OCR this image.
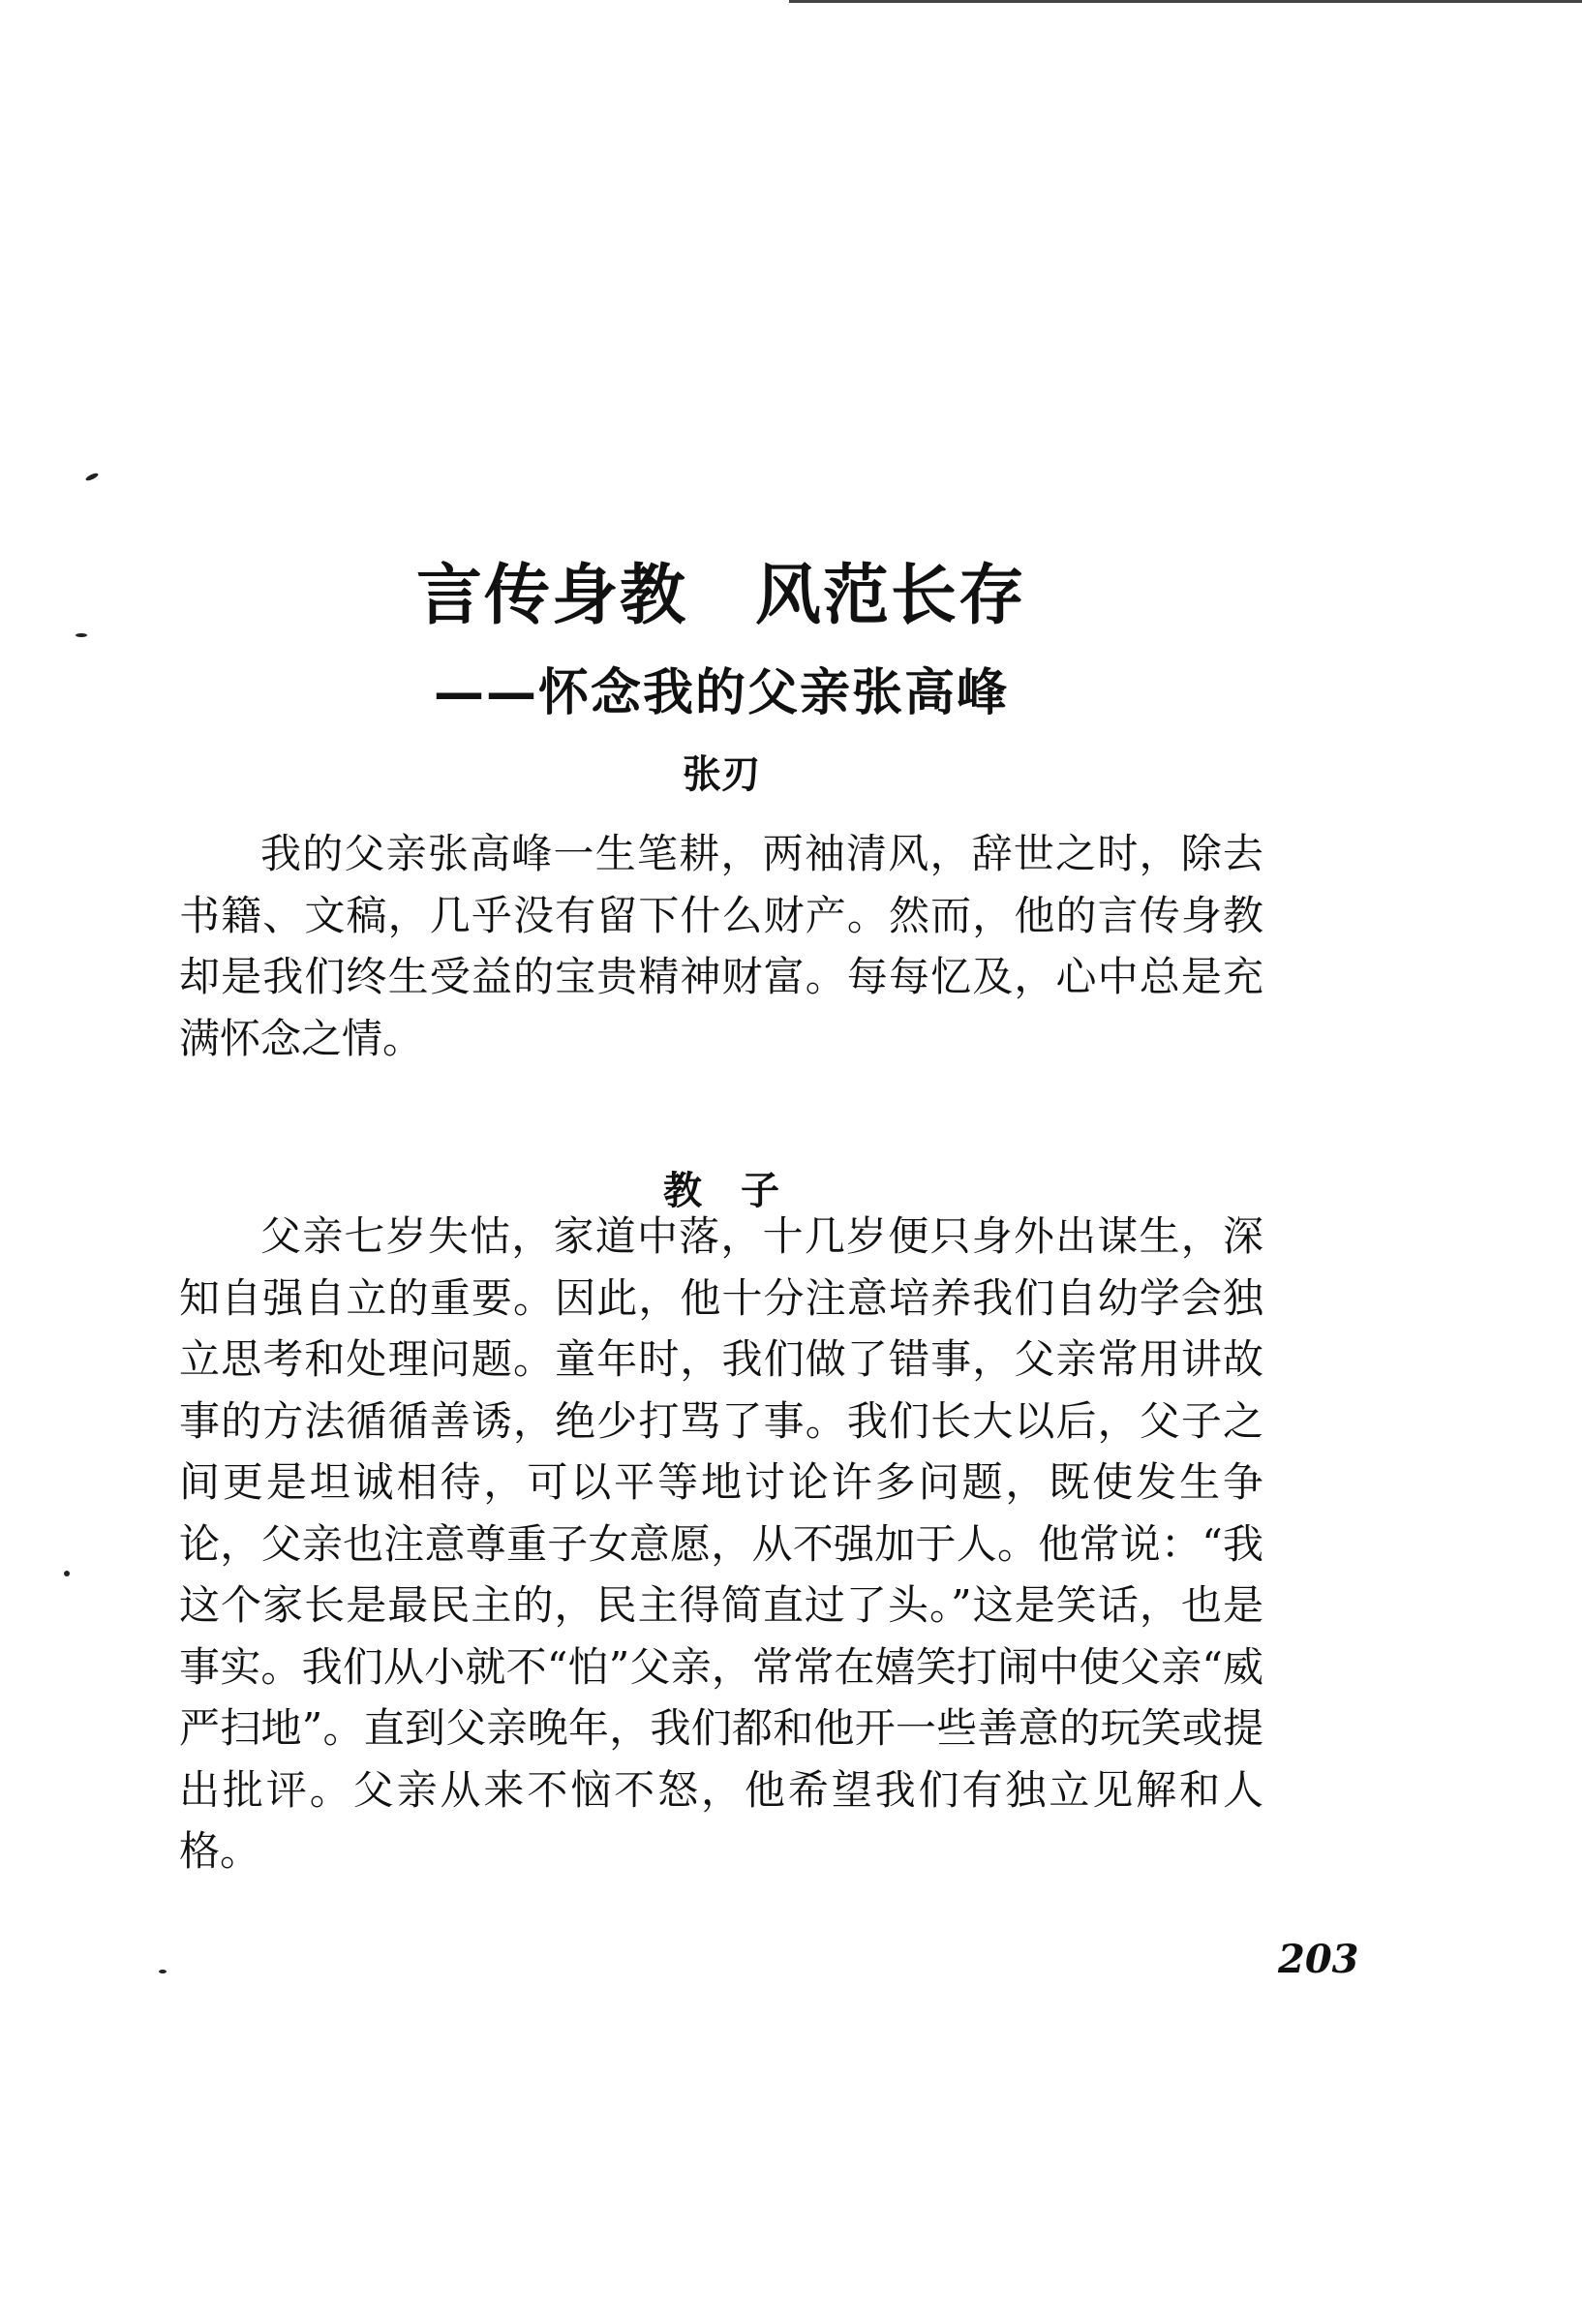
言传身教　风范长存
——怀念我的父亲张高峰
张刃

我的父亲张高峰一生笔耕，两袖清风，辞世之时，除去书籍、文稿，几乎没有留下什么财产。然而，他的言传身教却是我们终生受益的宝贵精神财富。每每忆及，心中总是充满怀念之情。

教　子

父亲七岁失怙，家道中落，十几岁便只身外出谋生，深知自强自立的重要。因此，他十分注意培养我们自幼学会独立思考和处理问题。童年时，我们做了错事，父亲常用讲故事的方法循循善诱，绝少打骂了事。我们长大以后，父子之间更是坦诚相待，可以平等地讨论许多问题，既使发生争论，父亲也注意尊重子女意愿，从不强加于人。他常说：“我这个家长是最民主的，民主得简直过了头。”这是笑话，也是事实。我们从小就不“怕”父亲，常常在嬉笑打闹中使父亲“威严扫地”。直到父亲晚年，我们都和他开一些善意的玩笑或提出批评。父亲从来不恼不怒，他希望我们有独立见解和人格。

203
